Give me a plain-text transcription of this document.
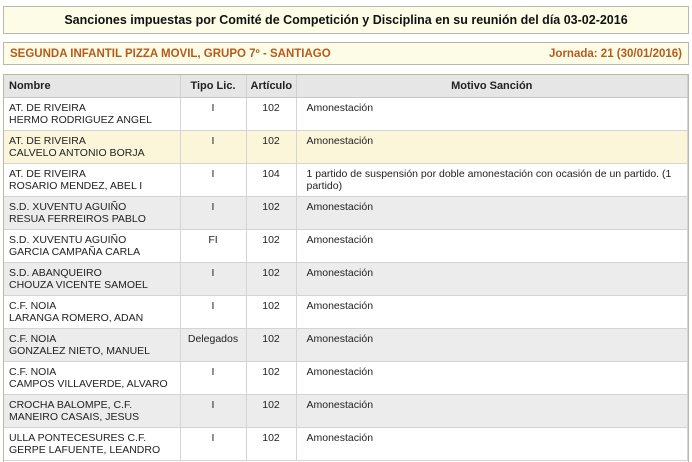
Sanciones impuestas por Comité de Competición y Disciplina en su reunión del día 03-02-2016
SEGUNDA INFANTIL PIZZA MOVIL, GRUPO 7º - SANTIAGO	Jornada: 21 (30/01/2016)
Nombre	Tipo Lic.	Artículo	Motivo Sanción

AT. DE RIVEIRA
HERMO RODRIGUEZ ANGEL	I	102	Amonestación

AT. DE RIVEIRA
CALVELO ANTONIO BORJA	I	102	Amonestación

AT. DE RIVEIRA
ROSARIO MENDEZ, ABEL I	I	104	1 partido de suspensión por doble amonestación con ocasión de un partido. (1 partido)

S.D. XUVENTU AGUIÑO
RESUA FERREIROS PABLO	I	102	Amonestación

S.D. XUVENTU AGUIÑO
GARCIA CAMPAÑA CARLA	FI	102	Amonestación

S.D. ABANQUEIRO
CHOUZA VICENTE SAMOEL	I	102	Amonestación

C.F. NOIA
LARANGA ROMERO, ADAN	I	102	Amonestación

C.F. NOIA
GONZALEZ NIETO, MANUEL	Delegados	102	Amonestación

C.F. NOIA
CAMPOS VILLAVERDE, ALVARO	I	102	Amonestación

CROCHA BALOMPE, C.F.
MANEIRO CASAIS, JESUS	I	102	Amonestación

ULLA PONTECESURES C.F.
GERPE LAFUENTE, LEANDRO	I	102	Amonestación
